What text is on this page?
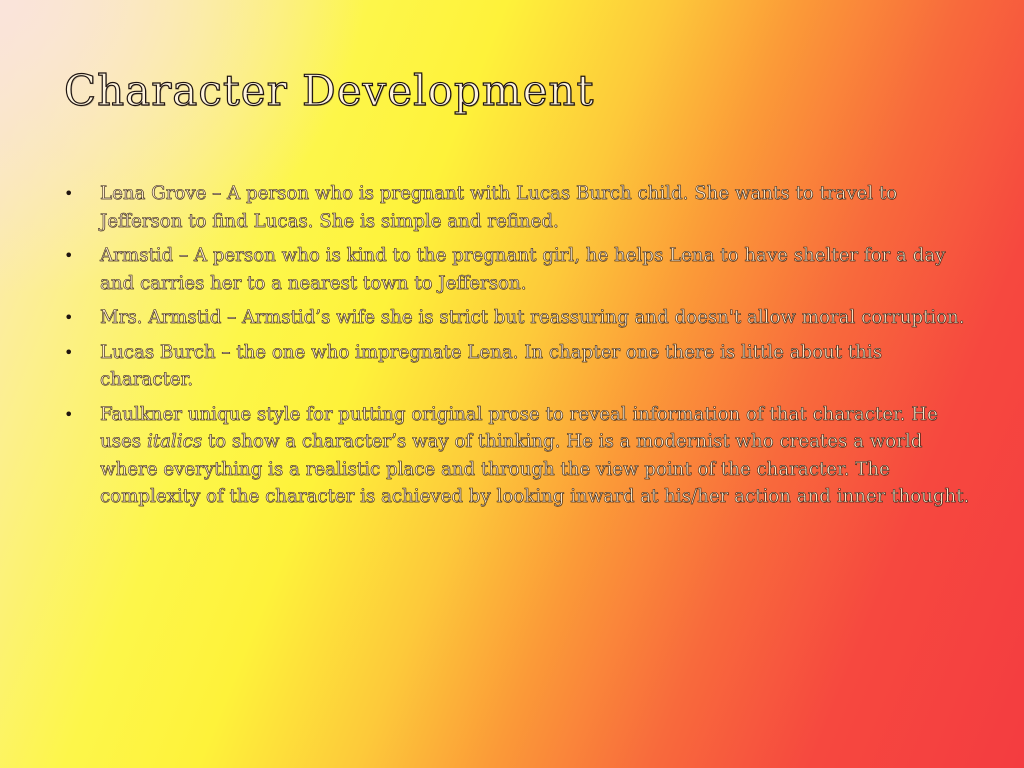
Character Development
• Lena Grove – A person who is pregnant with Lucas Burch child. She wants to travel to Jefferson to find Lucas. She is simple and refined.
• Armstid – A person who is kind to the pregnant girl, he helps Lena to have shelter for a day and carries her to a nearest town to Jefferson.
• Mrs. Armstid – Armstid’s wife she is strict but reassuring and doesn't allow moral corruption.
• Lucas Burch – the one who impregnate Lena. In chapter one there is little about this character.
• Faulkner unique style for putting original prose to reveal information of that character. He uses italics to show a character’s way of thinking. He is a modernist who creates a world where everything is a realistic place and through the view point of the character. The complexity of the character is achieved by looking inward at his/her action and inner thought.
